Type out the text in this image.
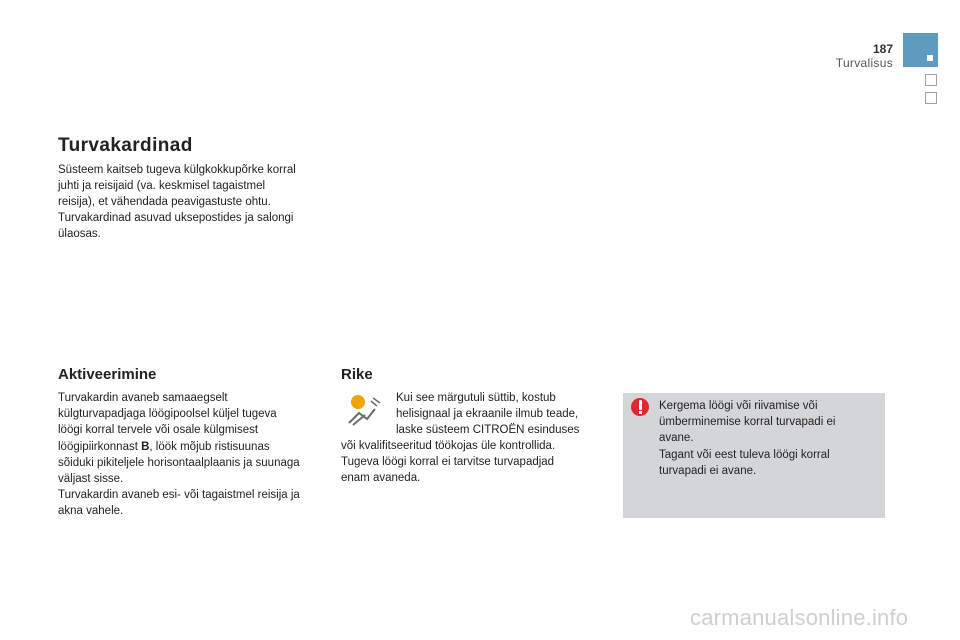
187
Turvalisus
Turvakardinad
Süsteem kaitseb tugeva külgkokkupõrke korral
juhti ja reisijaid (va. keskmisel tagaistmel
reisija), et vähendada peavigastuste ohtu.
Turvakardinad asuvad uksepostides ja salongi
ülaosas.
Aktiveerimine
Turvakardin avaneb samaaegselt
külgturvapadjaga löögipoolsel küljel tugeva
löögi korral tervele või osale külgmisest
löögipiirkonnast B, löök mõjub ristisuunas
sõiduki pikiteljele horisontaalplaanis ja suunaga
väljast sisse.
Turvakardin avaneb esi- või tagaistmel reisija ja
akna vahele.
Rike
Kui see märgutuli süttib, kostub
helisignaal ja ekraanile ilmub teade,
laske süsteem CITROËN esinduses
või kvalifitseeritud töökojas üle kontrollida.
Tugeva löögi korral ei tarvitse turvapadjad
enam avaneda.
Kergema löögi või riivamise või
ümberminemise korral turvapadi ei
avane.
Tagant või eest tuleva löögi korral
turvapadi ei avane.
carmanualsonline.info
